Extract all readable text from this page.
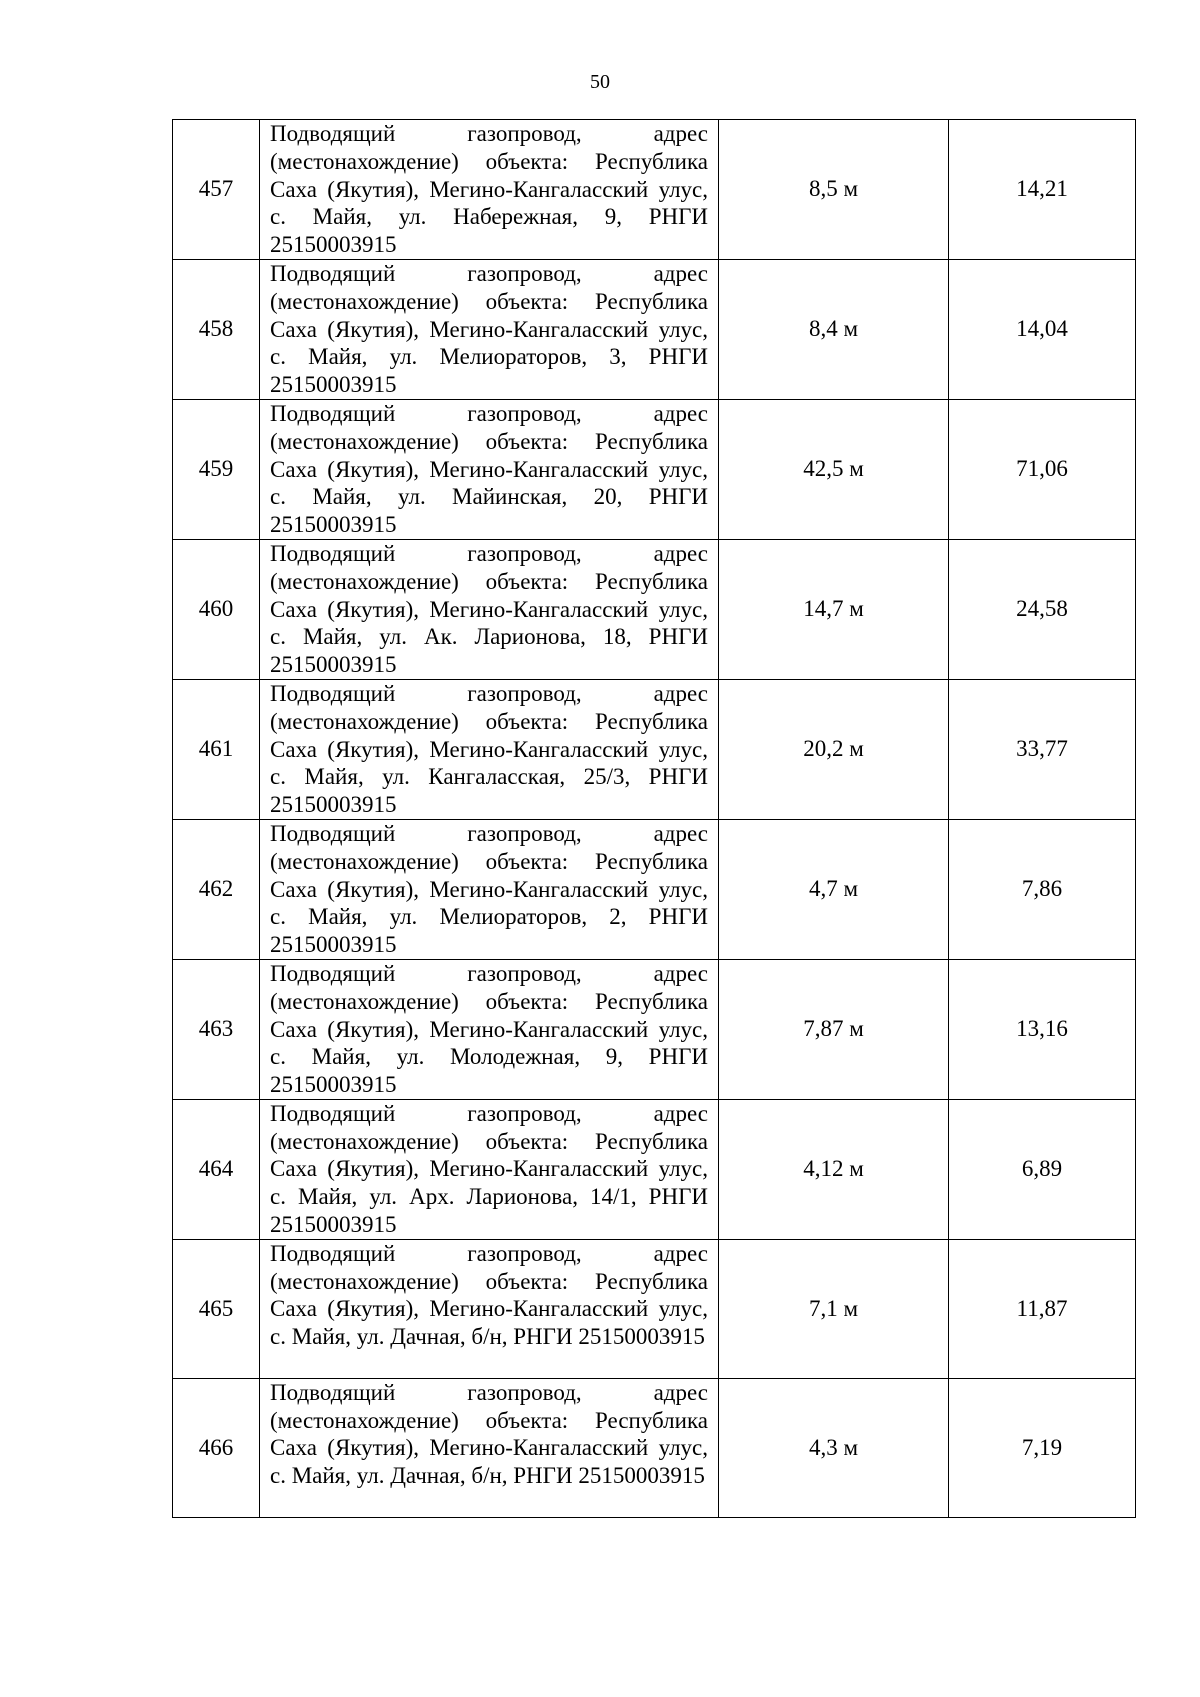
50
457	Подводящий газопровод, адрес (местонахождение) объекта: Республика Саха (Якутия), Мегино-Кангаласский улус, с. Майя, ул. Набережная, 9, РНГИ 25150003915	8,5 м	14,21
458	Подводящий газопровод, адрес (местонахождение) объекта: Республика Саха (Якутия), Мегино-Кангаласский улус, с. Майя, ул. Мелиораторов, 3, РНГИ 25150003915	8,4 м	14,04
459	Подводящий газопровод, адрес (местонахождение) объекта: Республика Саха (Якутия), Мегино-Кангаласский улус, с. Майя, ул. Майинская, 20, РНГИ 25150003915	42,5 м	71,06
460	Подводящий газопровод, адрес (местонахождение) объекта: Республика Саха (Якутия), Мегино-Кангаласский улус, с. Майя, ул. Ак. Ларионова, 18, РНГИ 25150003915	14,7 м	24,58
461	Подводящий газопровод, адрес (местонахождение) объекта: Республика Саха (Якутия), Мегино-Кангаласский улус, с. Майя, ул. Кангаласская, 25/3, РНГИ 25150003915	20,2 м	33,77
462	Подводящий газопровод, адрес (местонахождение) объекта: Республика Саха (Якутия), Мегино-Кангаласский улус, с. Майя, ул. Мелиораторов, 2, РНГИ 25150003915	4,7 м	7,86
463	Подводящий газопровод, адрес (местонахождение) объекта: Республика Саха (Якутия), Мегино-Кангаласский улус, с. Майя, ул. Молодежная, 9, РНГИ 25150003915	7,87 м	13,16
464	Подводящий газопровод, адрес (местонахождение) объекта: Республика Саха (Якутия), Мегино-Кангаласский улус, с. Майя, ул. Арх. Ларионова, 14/1, РНГИ 25150003915	4,12 м	6,89
465	Подводящий газопровод, адрес (местонахождение) объекта: Республика Саха (Якутия), Мегино-Кангаласский улус, с. Майя, ул. Дачная, б/н, РНГИ 25150003915	7,1 м	11,87
466	Подводящий газопровод, адрес (местонахождение) объекта: Республика Саха (Якутия), Мегино-Кангаласский улус, с. Майя, ул. Дачная, б/н, РНГИ 25150003915	4,3 м	7,19
